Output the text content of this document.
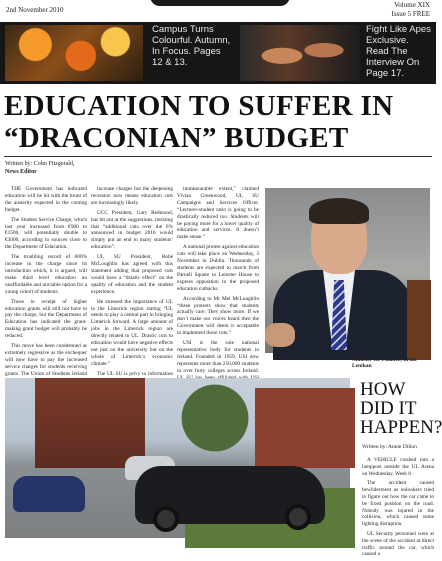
2nd November 2010
Volume XIX
Issue 5 FREE
Campus Turns Colourful. Autumn, In Focus. Pages 12 & 13.
Fight Like Apes Exclusive. Read The Interview On Page 17.
EDUCATION TO SUFFER IN “DRACONIAN” BUDGET
Written by: Colm Fitzgerald,
News Editor

THE Government has indicated education will be hit with the brunt of the austerity expected in the coming budget.

The Student Service Charge, which last year increased from €900 to €1500, will potentially double to €3000, according to sources close to the Department of Education.

The troubling record of 600% increase in the charge since its introduction which, it is argued, will make third level education an unaffordable and unviable option for a young cohort of students.

Those in receipt of higher education grants will still not have to pay the charge, but the Department of Education has indicated the grant-making grant budget will probably be reduced.

This move has been condemned as extremely regressive as the exchequer will now have to pay the increased service charges for students receiving grants. The Union of Students Ireland

increase charges but the deepening recession now means education cuts are increasingly likely.

UCC President, Gary Redmond, has hit out at the suggestions, insisting that “additional cuts over the 6% announced in budget 2010 would simply put an end to many students’ education”.

UL SU President, Robé McLoughlin has agreed with this statement adding that proposed cuts would have a “drastic effect” on the quality of education and the student experience.

He stressed the importance of UL to the Limerick region stating “UL needs to play a central part in bringing Limerick forward. A large amount of jobs in the Limerick region are directly related to UL. Drastic cuts to education would have negative effects not just on the university but on the whole of Limerick’s economic climate.”

The UL SU is privy to information

immeasurable extent,” claimed Vivian Greenwood, UL SU Campaigns and Services Officer. “Lecturer-student ratio is going to be drastically reduced too. Students will be paying more for a lower quality of education and services. It doesn’t make sense.”

A national protest against education cuts will take place on Wednesday, 3 November in Dublin. Thousands of students are expected to march from Parnell Square to Leinster House to express opposition to the proposed education cutbacks.

According to Mr Mel McLoughlin “these protests show that students actually care. They show more. If we don’t make our voices heard then the Government will deem it acceptable to implement these cuts.”

USI is the sole national representative body for students in Ireland. Founded in 1959, USI now represents more than 250,000 students in over forty colleges across Ireland.

Minister for Finance, Brian Lenihan
HOW DID IT HAPPEN?
Written by: Annie Dillon

A VEHICLE crashed into a lamppost outside the UL Arena on Wednesday, Week 8.

The accident caused bewilderment as onlookers tried to figure out how the car came to be fixed position on the road. Nobody was injured in the collision, which caused some lighting disruption.

UL Security personnel were at the scene of the accident at direct traffic around the car, which caused a
